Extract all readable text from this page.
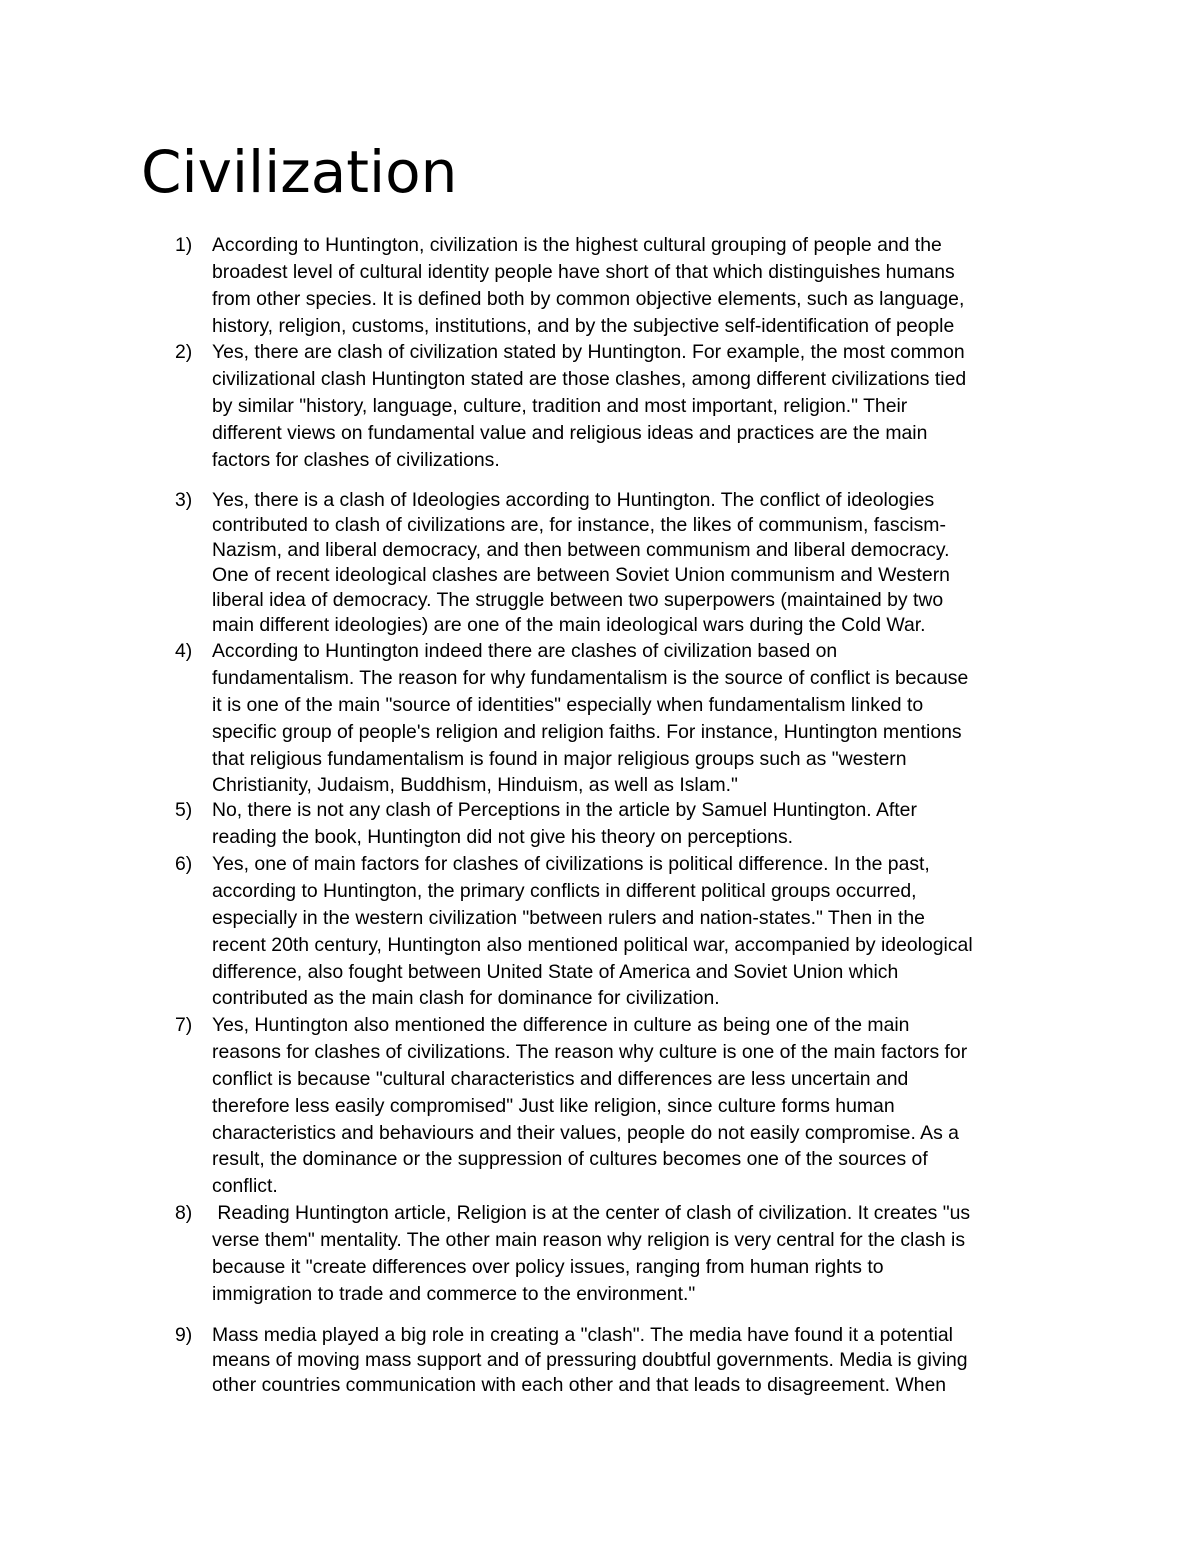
Civilization
1) According to Huntington, civilization is the highest cultural grouping of people and the
broadest level of cultural identity people have short of that which distinguishes humans
from other species. It is defined both by common objective elements, such as language,
history, religion, customs, institutions, and by the subjective self-identification of people
2) Yes, there are clash of civilization stated by Huntington. For example, the most common
civilizational clash Huntington stated are those clashes, among different civilizations tied
by similar "history, language, culture, tradition and most important, religion." Their
different views on fundamental value and religious ideas and practices are the main
factors for clashes of civilizations.
3) Yes, there is a clash of Ideologies according to Huntington. The conflict of ideologies
contributed to clash of civilizations are, for instance, the likes of communism, fascism-
Nazism, and liberal democracy, and then between communism and liberal democracy.
One of recent ideological clashes are between Soviet Union communism and Western
liberal idea of democracy. The struggle between two superpowers (maintained by two
main different ideologies) are one of the main ideological wars during the Cold War.
4) According to Huntington indeed there are clashes of civilization based on
fundamentalism. The reason for why fundamentalism is the source of conflict is because
it is one of the main "source of identities" especially when fundamentalism linked to
specific group of people's religion and religion faiths. For instance, Huntington mentions
that religious fundamentalism is found in major religious groups such as "western
Christianity, Judaism, Buddhism, Hinduism, as well as Islam."
5) No, there is not any clash of Perceptions in the article by Samuel Huntington. After
reading the book, Huntington did not give his theory on perceptions.
6) Yes, one of main factors for clashes of civilizations is political difference. In the past,
according to Huntington, the primary conflicts in different political groups occurred,
especially in the western civilization "between rulers and nation-states." Then in the
recent 20th century, Huntington also mentioned political war, accompanied by ideological
difference, also fought between United State of America and Soviet Union which
contributed as the main clash for dominance for civilization.
7) Yes, Huntington also mentioned the difference in culture as being one of the main
reasons for clashes of civilizations. The reason why culture is one of the main factors for
conflict is because "cultural characteristics and differences are less uncertain and
therefore less easily compromised" Just like religion, since culture forms human
characteristics and behaviours and their values, people do not easily compromise. As a
result, the dominance or the suppression of cultures becomes one of the sources of
conflict.
8) Reading Huntington article, Religion is at the center of clash of civilization. It creates "us
verse them" mentality. The other main reason why religion is very central for the clash is
because it "create differences over policy issues, ranging from human rights to
immigration to trade and commerce to the environment."
9) Mass media played a big role in creating a "clash". The media have found it a potential
means of moving mass support and of pressuring doubtful governments. Media is giving
other countries communication with each other and that leads to disagreement. When
